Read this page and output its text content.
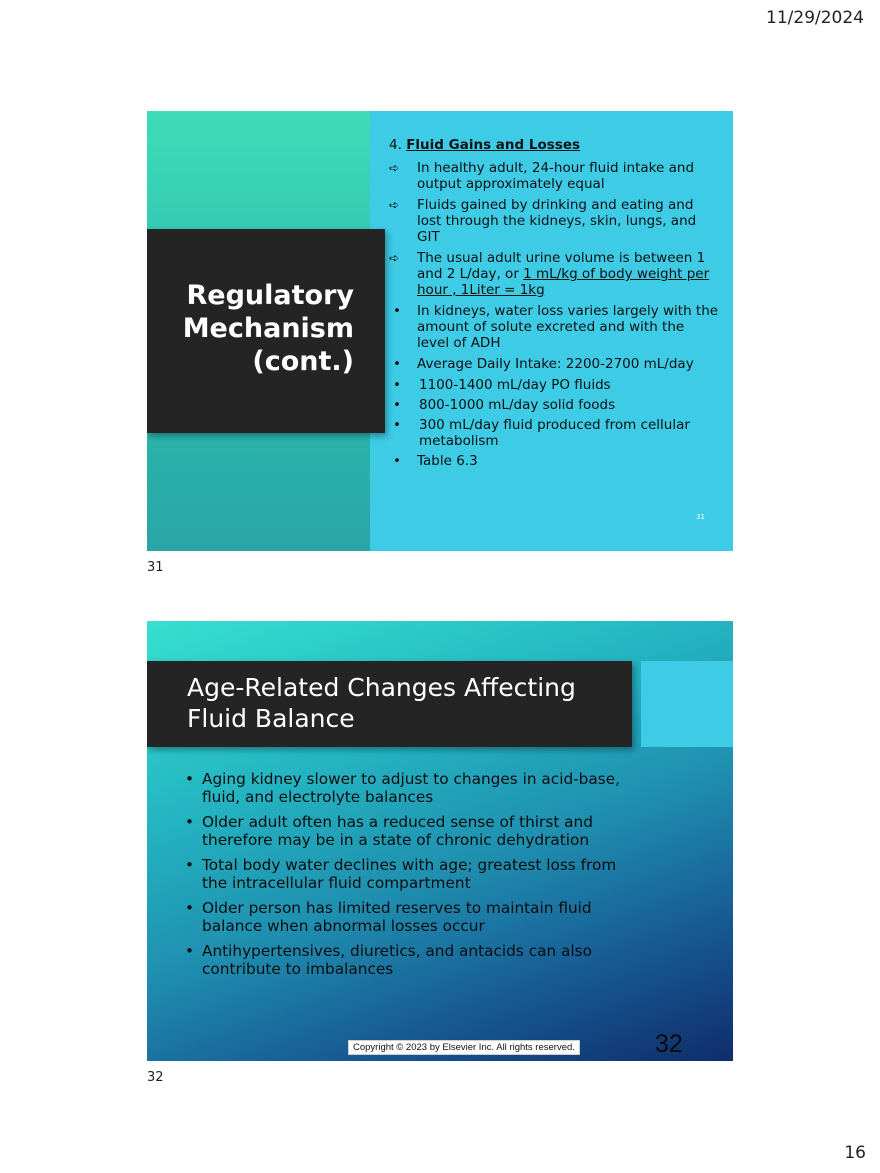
11/29/2024
Regulatory
Mechanism
(cont.)
4. Fluid Gains and Losses
➪	In healthy adult, 24-hour fluid intake and output approximately equal
➪	Fluids gained by drinking and eating and lost through the kidneys, skin, lungs, and GIT
➪	The usual adult urine volume is between 1 and 2 L/day, or 1 mL/kg of body weight per hour , 1Liter = 1kg
•	In kidneys, water loss varies largely with the amount of solute excreted and with the level of ADH
•	Average Daily Intake: 2200-2700 mL/day
•	1100-1400 mL/day PO fluids
•	800-1000 mL/day solid foods
•	300 mL/day fluid produced from cellular metabolism
•	Table 6.3
31
31
Age-Related Changes Affecting
Fluid Balance
• Aging kidney slower to adjust to changes in acid-base, fluid, and electrolyte balances
• Older adult often has a reduced sense of thirst and therefore may be in a state of chronic dehydration
• Total body water declines with age; greatest loss from the intracellular fluid compartment
• Older person has limited reserves to maintain fluid balance when abnormal losses occur
• Antihypertensives, diuretics, and antacids can also contribute to imbalances
Copyright © 2023 by Elsevier Inc. All rights reserved.	32
32
16
